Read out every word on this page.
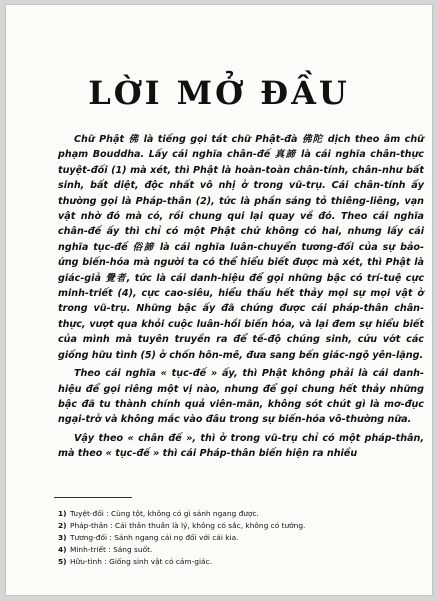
LỜI MỞ ĐẦU

Chữ Phật 佛 là tiếng gọi tắt chữ Phật-đà 佛陀 dịch theo âm chữ phạm Bouddha. Lấy cái nghĩa chân-đế 真諦 là cái nghĩa chân-thực tuyệt-đối (1) mà xét, thì Phật là hoàn-toàn chân-tính, chân-như bất sinh, bất diệt, độc nhất vô nhị ở trong vũ-trụ. Cái chân-tính ấy thường gọi là Pháp-thân (2), tức là phần sáng tỏ thiêng-liêng, vạn vật nhờ đó mà có, rồi chung qui lại quay về đó. Theo cái nghĩa chân-đế ấy thì chỉ có một Phật chứ không có hai, nhưng lấy cái nghĩa tục-đế 俗諦 là cái nghĩa luân-chuyển tương-đối của sự bảo-ứng biến-hóa mà người ta có thể hiểu biết được mà xét, thì Phật là giác-giả 覺者, tức là cái danh-hiệu để gọi những bậc có trí-tuệ cực minh-triết (4), cực cao-siêu, hiểu thấu hết thảy mọi sự mọi vật ở trong vũ-trụ. Những bậc ấy đã chứng được cái pháp-thân chân-thực, vượt qua khỏi cuộc luân-hồi biến hóa, và lại đem sự hiểu biết của mình mà tuyên truyền ra để tế-độ chúng sinh, cứu vớt các giống hữu tình (5) ở chốn hôn-mê, đưa sang bến giác-ngộ yên-lặng.

Theo cái nghĩa « tục-đế » ấy, thì Phật không phải là cái danh-hiệu để gọi riêng một vị nào, nhưng để gọi chung hết thảy những bậc đã tu thành chính quả viên-mãn, không sót chút gì là mơ-đục ngại-trở và không mắc vào đâu trong sự biến-hóa vô-thường nữa.

Vậy theo « chân đế », thì ở trong vũ-trụ chỉ có một pháp-thân, mà theo « tục-đế » thì cái Pháp-thân biến hiện ra nhiều

1) Tuyệt-đối : Cùng tột, không có gì sánh ngang được.
2) Pháp-thân : Cái thân thuần là lý, không có sắc, không có tướng.
3) Tương-đối : Sánh ngang cái nọ đối với cái kia.
4) Minh-triết : Sáng suốt.
5) Hữu-tình : Giống sinh vật có cảm-giác.
